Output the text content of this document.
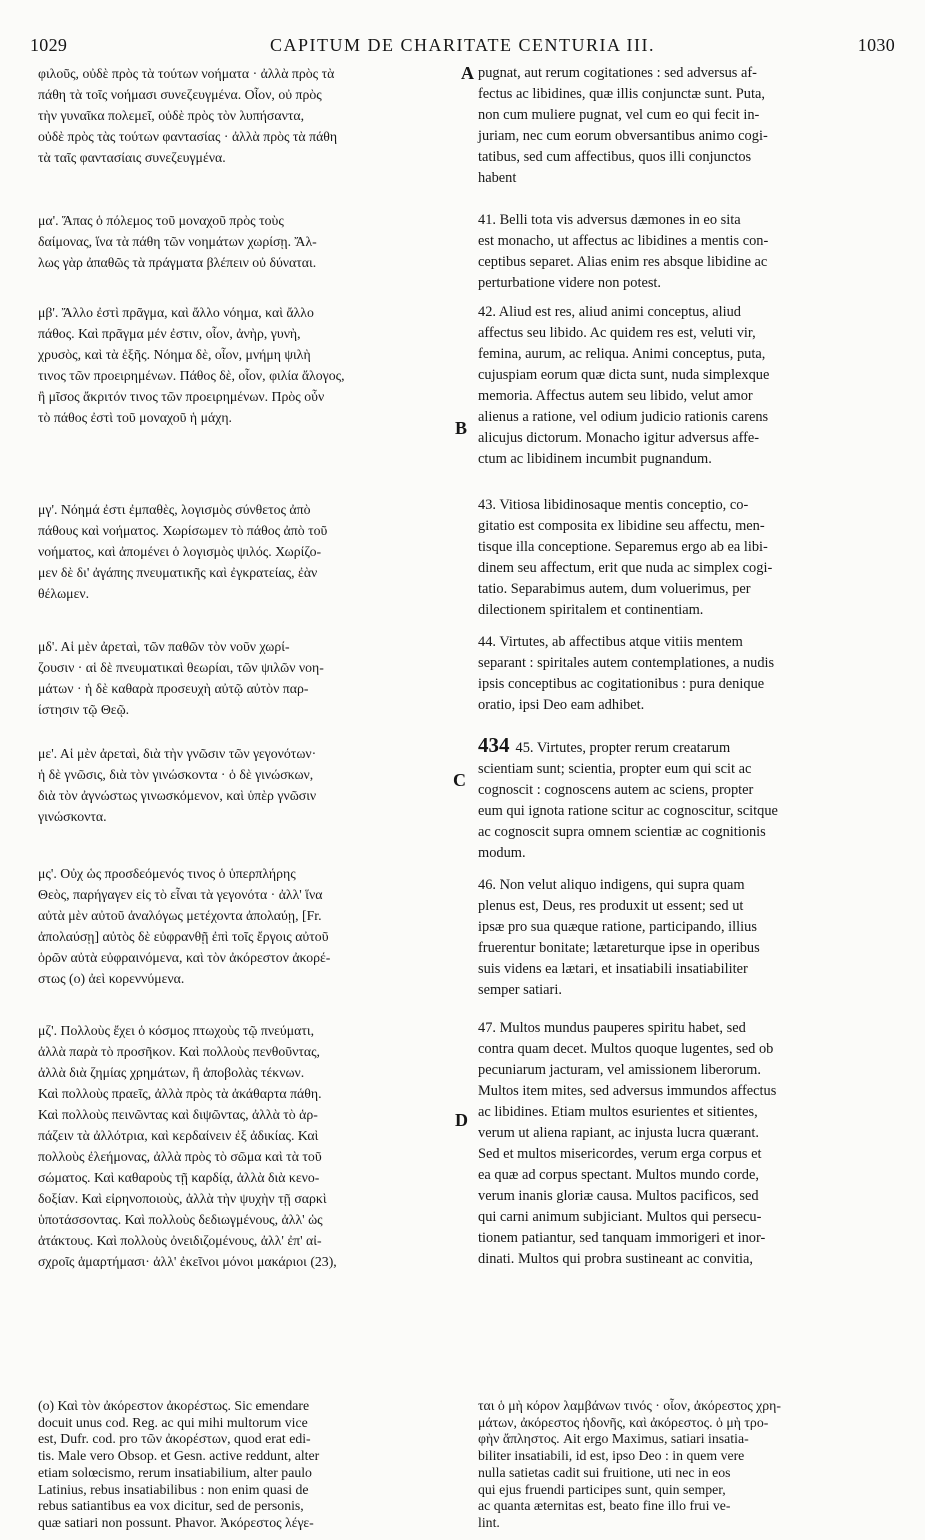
1029	CAPITUM DE CHARITATE CENTURIA III.	1030
φιλοῦς, οὐδὲ πρὸς τὰ τούτων νοήματα · ἀλλὰ πρὸς τὰ
πάθη τὰ τοῖς νοήμασι συνεζευγμένα. Οἷον, οὐ πρὸς
τὴν γυναῖκα πολεμεῖ, οὐδὲ πρὸς τὸν λυπήσαντα,
οὐδὲ πρὸς τὰς τούτων φαντασίας · ἀλλὰ πρὸς τὰ πάθη
τὰ ταῖς φαντασίαις συνεζευγμένα.
μα'. Ἅπας ὁ πόλεμος τοῦ μοναχοῦ πρὸς τοὺς
δαίμονας, ἵνα τὰ πάθη τῶν νοημάτων χωρίσῃ. Ἄλ-
λως γὰρ ἀπαθῶς τὰ πράγματα βλέπειν οὐ δύναται.
μβ'. Ἄλλο ἐστὶ πρᾶγμα, καὶ ἄλλο νόημα, καὶ ἄλλο
πάθος. Καὶ πρᾶγμα μέν ἐστιν, οἷον, ἀνὴρ, γυνὴ,
χρυσὸς, καὶ τὰ ἑξῆς. Νόημα δὲ, οἷον, μνήμη ψιλὴ
τινος τῶν προειρημένων. Πάθος δὲ, οἷον, φιλία ἄλογος,
ἢ μῖσος ἄκριτόν τινος τῶν προειρημένων. Πρὸς οὖν
τὸ πάθος ἐστὶ τοῦ μοναχοῦ ἡ μάχη.
μγ'. Νόημά ἐστι ἐμπαθὲς, λογισμὸς σύνθετος ἀπὸ
πάθους καὶ νοήματος. Χωρίσωμεν τὸ πάθος ἀπὸ τοῦ
νοήματος, καὶ ἀπομένει ὁ λογισμὸς ψιλός. Χωρίζο-
μεν δὲ δι' ἀγάπης πνευματικῆς καὶ ἐγκρατείας, ἐὰν
θέλωμεν.
μδ'. Αἱ μὲν ἀρεταὶ, τῶν παθῶν τὸν νοῦν χωρί-
ζουσιν · αἱ δὲ πνευματικαὶ θεωρίαι, τῶν ψιλῶν νοη-
μάτων · ἡ δὲ καθαρὰ προσευχὴ αὐτῷ αὐτὸν παρ-
ίστησιν τῷ Θεῷ.
με'. Αἱ μὲν ἀρεταὶ, διὰ τὴν γνῶσιν τῶν γεγονότων·
ἡ δὲ γνῶσις, διὰ τὸν γινώσκοντα · ὁ δὲ γινώσκων,
διὰ τὸν ἀγνώστως γινωσκόμενον, καὶ ὑπὲρ γνῶσιν
γινώσκοντα.
μς'. Οὐχ ὡς προσδεόμενός τινος ὁ ὑπερπλήρης
Θεὸς, παρήγαγεν εἰς τὸ εἶναι τὰ γεγονότα · ἀλλ' ἵνα
αὐτὰ μὲν αὐτοῦ ἀναλόγως μετέχοντα ἀπολαύῃ, [Fr.
ἀπολαύσῃ] αὐτὸς δὲ εὐφρανθῇ ἐπὶ τοῖς ἔργοις αὐτοῦ
ὁρῶν αὐτὰ εὐφραινόμενα, καὶ τὸν ἀκόρεστον ἀκορέ-
στως (o) ἀεὶ κορεννύμενα.
μζ'. Πολλοὺς ἔχει ὁ κόσμος πτωχοὺς τῷ πνεύματι,
ἀλλὰ παρὰ τὸ προσῆκον. Καὶ πολλοὺς πενθοῦντας,
ἀλλὰ διὰ ζημίας χρημάτων, ἢ ἀποβολὰς τέκνων.
Καὶ πολλοὺς πραεῖς, ἀλλὰ πρὸς τὰ ἀκάθαρτα πάθη.
Καὶ πολλοὺς πεινῶντας καὶ διψῶντας, ἀλλὰ τὸ ἁρ-
πάζειν τὰ ἀλλότρια, καὶ κερδαίνειν ἐξ ἀδικίας. Καὶ
πολλοὺς ἐλεήμονας, ἀλλὰ πρὸς τὸ σῶμα καὶ τὰ τοῦ
σώματος. Καὶ καθαροὺς τῇ καρδίᾳ, ἀλλὰ διὰ κενο-
δοξίαν. Καὶ εἰρηνοποιοὺς, ἀλλὰ τὴν ψυχὴν τῇ σαρκὶ
ὑποτάσσοντας. Καὶ πολλοὺς δεδιωγμένους, ἀλλ' ὡς
ἀτάκτους. Καὶ πολλοὺς ὀνειδιζομένους, ἀλλ' ἐπ' αἰ-
σχροῖς ἁμαρτήμασι· ἀλλ' ἐκεῖνοι μόνοι μακάριοι (23),
A
B
C
D
pugnat, aut rerum cogitationes : sed adversus af-
fectus ac libidines, quæ illis conjunctæ sunt. Puta,
non cum muliere pugnat, vel cum eo qui fecit in-
juriam, nec cum eorum obversantibus animo cogi-
tatibus, sed cum affectibus, quos illi conjunctos
habent
41. Belli tota vis adversus dæmones in eo sita
est monacho, ut affectus ac libidines a mentis con-
ceptibus separet. Alias enim res absque libidine ac
perturbatione videre non potest.
42. Aliud est res, aliud animi conceptus, aliud
affectus seu libido. Ac quidem res est, veluti vir,
femina, aurum, ac reliqua. Animi conceptus, puta,
cujuspiam eorum quæ dicta sunt, nuda simplexque
memoria. Affectus autem seu libido, velut amor
alienus a ratione, vel odium judicio rationis carens
alicujus dictorum. Monacho igitur adversus affe-
ctum ac libidinem incumbit pugnandum.
43. Vitiosa libidinosaque mentis conceptio, co-
gitatio est composita ex libidine seu affectu, men-
tisque illa conceptione. Separemus ergo ab ea libi-
dinem seu affectum, erit que nuda ac simplex cogi-
tatio. Separabimus autem, dum voluerimus, per
dilectionem spiritalem et continentiam.
44. Virtutes, ab affectibus atque vitiis mentem
separant : spiritales autem contemplationes, a nudis
ipsis conceptibus ac cogitationibus : pura denique
oratio, ipsi Deo eam adhibet.
434 45. Virtutes, propter rerum creatarum
scientiam sunt; scientia, propter eum qui scit ac
cognoscit : cognoscens autem ac sciens, propter
eum qui ignota ratione scitur ac cognoscitur, scitque
ac cognoscit supra omnem scientiæ ac cognitionis
modum.
46. Non velut aliquo indigens, qui supra quam
plenus est, Deus, res produxit ut essent; sed ut
ipsæ pro sua quæque ratione, participando, illius
fruerentur bonitate; lætareturque ipse in operibus
suis videns ea lætari, et insatiabili insatiabiliter
semper satiari.
47. Multos mundus pauperes spiritu habet, sed
contra quam decet. Multos quoque lugentes, sed ob
pecuniarum jacturam, vel amissionem liberorum.
Multos item mites, sed adversus immundos affectus
ac libidines. Etiam multos esurientes et sitientes,
verum ut aliena rapiant, ac injusta lucra quærant.
Sed et multos misericordes, verum erga corpus et
ea quæ ad corpus spectant. Multos mundo corde,
verum inanis gloriæ causa. Multos pacificos, sed
qui carni animum subjiciant. Multos qui persecu-
tionem patiantur, sed tanquam immorigeri et inor-
dinati. Multos qui probra sustineant ac convitia,

(o) Καὶ τὸν ἀκόρεστον ἀκορέστως. Sic emendare

docuit unus cod. Reg. ac qui mihi multorum vice

est, Dufr. cod. pro τῶν ἀκορέστων, quod erat edi-

tis. Male vero Obsop. et Gesn. active reddunt, alter

etiam solœcismo, rerum insatiabilium, alter paulo

Latinius, rebus insatiabilibus : non enim quasi de

rebus satiantibus ea vox dicitur, sed de personis,

quæ satiari non possunt. Phavor. Ἀκόρεστος λέγε-

ται ὁ μὴ κόρον λαμβάνων τινός · οἷον, ἀκόρεστος χρη-

μάτων, ἀκόρεστος ἡδονῆς, καὶ ἀκόρεστος. ὁ μὴ τρο-

φὴν ἄπληστος. Ait ergo Maximus, satiari insatia-

biliter insatiabili, id est, ipso Deo : in quem vere

nulla satietas cadit sui fruitione, uti nec in eos

qui ejus fruendi participes sunt, quin semper,

ac quanta æternitas est, beato fine illo frui ve-

lint.
